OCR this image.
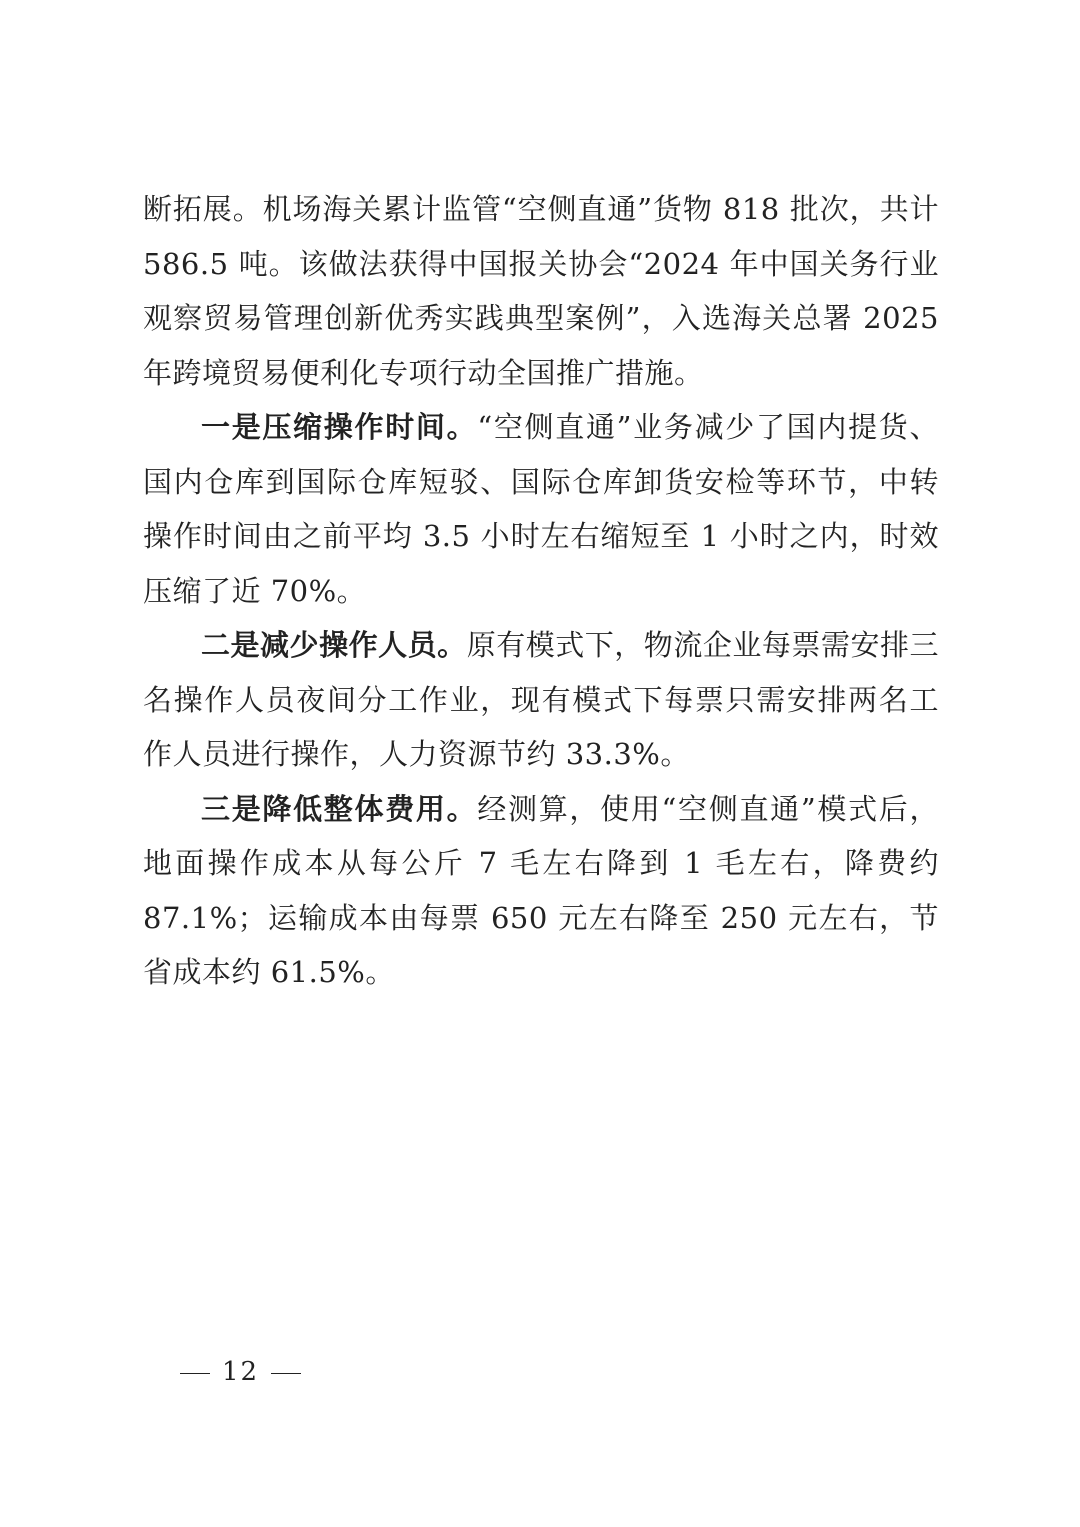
断拓展。机场海关累计监管“空侧直通”货物 818 批次，共计 586.5 吨。该做法获得中国报关协会“2024 年中国关务行业观察贸易管理创新优秀实践典型案例”，入选海关总署 2025 年跨境贸易便利化专项行动全国推广措施。

一是压缩操作时间。“空侧直通”业务减少了国内提货、国内仓库到国际仓库短驳、国际仓库卸货安检等环节，中转操作时间由之前平均 3.5 小时左右缩短至 1 小时之内，时效压缩了近 70%。

二是减少操作人员。原有模式下，物流企业每票需安排三名操作人员夜间分工作业，现有模式下每票只需安排两名工作人员进行操作，人力资源节约 33.3%。

三是降低整体费用。经测算，使用“空侧直通”模式后，地面操作成本从每公斤 7 毛左右降到 1 毛左右，降费约 87.1%；运输成本由每票 650 元左右降至 250 元左右，节省成本约 61.5%。

12
